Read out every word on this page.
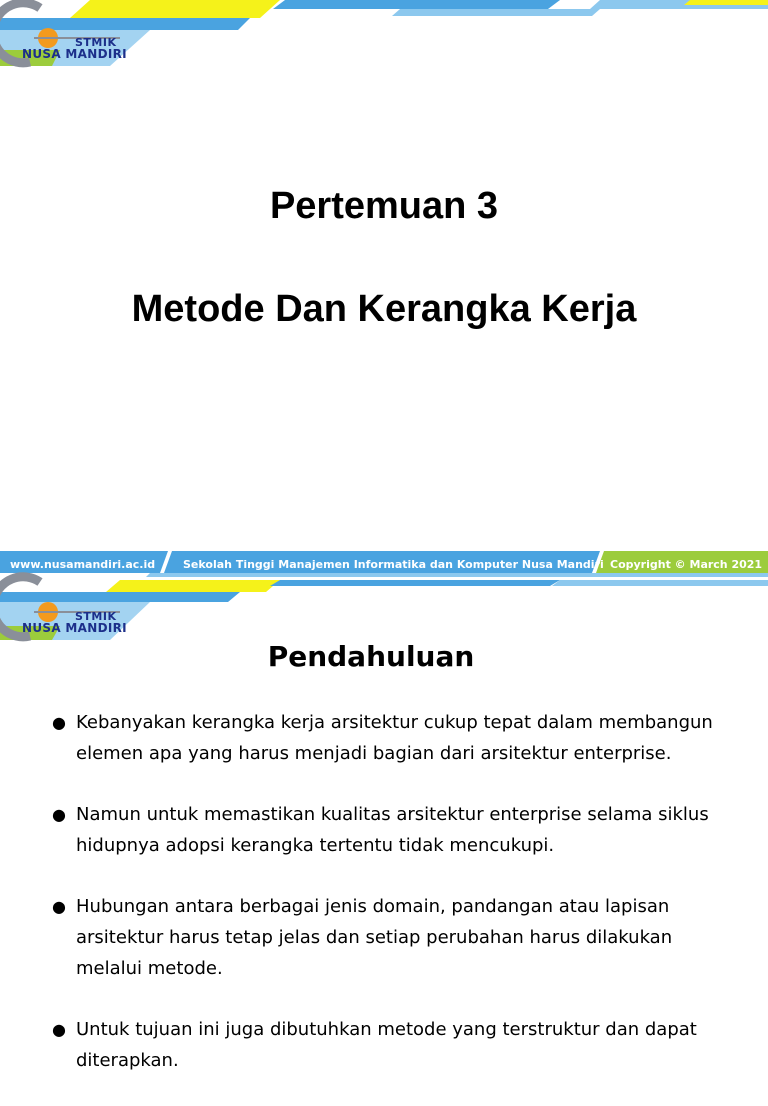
STMIK
NUSA MANDIRI
Pertemuan 3
Metode Dan Kerangka Kerja
www.nusamandiri.ac.id	Sekolah Tinggi Manajemen Informatika dan Komputer Nusa Mandiri Copyright © March 2021
STMIK
NUSA MANDIRI
Pendahuluan
● Kebanyakan kerangka kerja arsitektur cukup tepat dalam membangun elemen apa yang harus menjadi bagian dari arsitektur enterprise.
● Namun untuk memastikan kualitas arsitektur enterprise selama siklus hidupnya adopsi kerangka tertentu tidak mencukupi.
● Hubungan antara berbagai jenis domain, pandangan atau lapisan arsitektur harus tetap jelas dan setiap perubahan harus dilakukan melalui metode.
● Untuk tujuan ini juga dibutuhkan metode yang terstruktur dan dapat diterapkan.
